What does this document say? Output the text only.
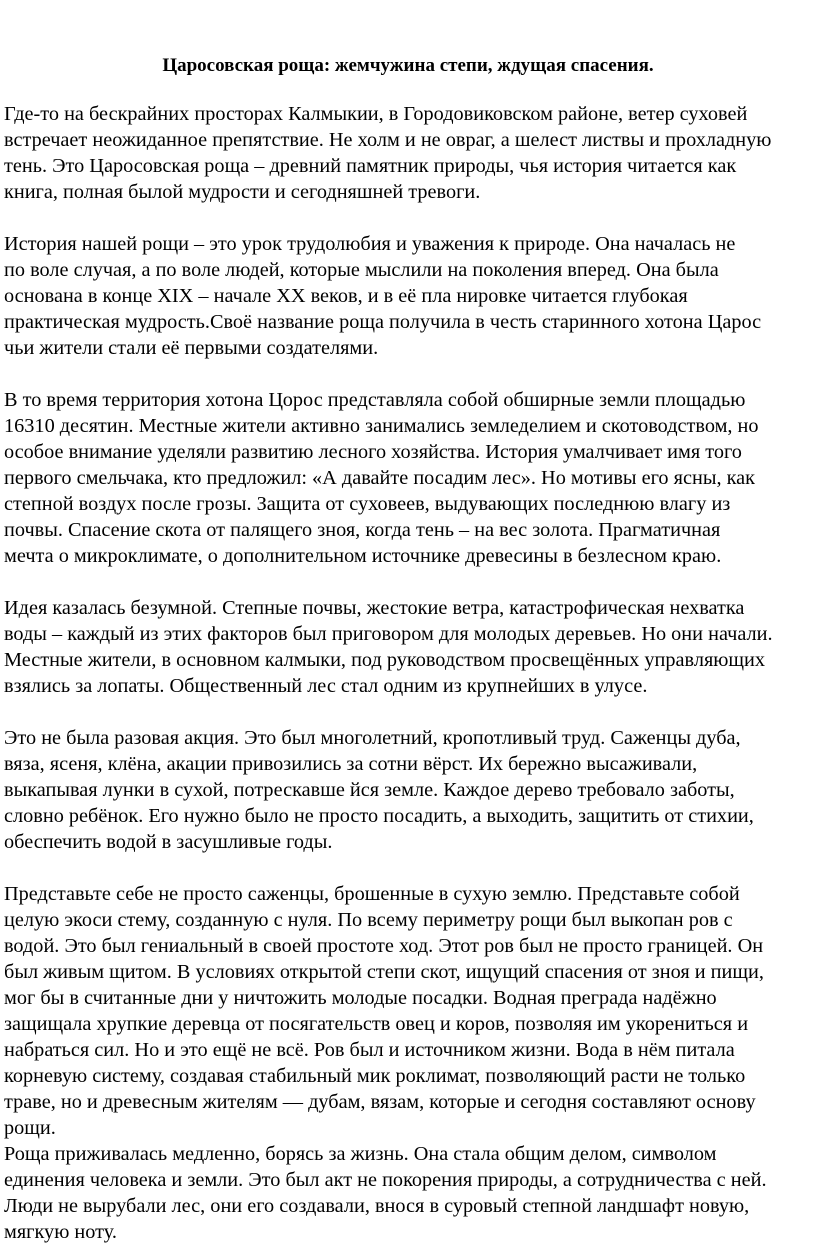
Царосовская роща: жемчужина степи, ждущая спасения.
Где-то на бескрайних просторах Калмыкии, в Городовиковском районе, ветер суховей
встречает неожиданное препятствие. Не холм и не овраг, а шелест листвы и прохладную
тень. Это Царосовская роща – древний памятник природы, чья история читается как
книга, полная былой мудрости и сегодняшней тревоги.
История нашей рощи – это урок трудолюбия и уважения к природе. Она началась не
по воле случая, а по воле людей, которые мыслили на поколения вперед. Она была
основана в конце XIX – начале XX веков, и в её пла нировке читается глубокая
практическая мудрость.Своё название роща получила в честь старинного хотона Царос
чьи жители стали её первыми создателями.
В то время территория хотона Цорос представляла собой обширные земли площадью
16310 десятин. Местные жители активно занимались земледелием и скотоводством, но
особое внимание уделяли развитию лесного хозяйства. История умалчивает имя того
первого смельчака, кто предложил: «А давайте посадим лес». Но мотивы его ясны, как
степной воздух после грозы. Защита от суховеев, выдувающих последнюю влагу из
почвы. Спасение скота от палящего зноя, когда тень – на вес золота. Прагматичная
мечта о микроклимате, о дополнительном источнике древесины в безлесном краю.
Идея казалась безумной. Степные почвы, жестокие ветра, катастрофическая нехватка
воды – каждый из этих факторов был приговором для молодых деревьев. Но они начали.
Местные жители, в основном калмыки, под руководством просвещённых управляющих
взялись за лопаты. Общественный лес стал одним из крупнейших в улусе.
Это не была разовая акция. Это был многолетний, кропотливый труд. Саженцы дуба,
вяза, ясеня, клёна, акации привозились за сотни вёрст. Их бережно высаживали,
выкапывая лунки в сухой, потрескавше йся земле. Каждое дерево требовало заботы,
словно ребёнок. Его нужно было не просто посадить, а выходить, защитить от стихии,
обеспечить водой в засушливые годы.
Представьте себе не просто саженцы, брошенные в сухую землю. Представьте собой
целую экоси стему, созданную с нуля. По всему периметру рощи был выкопан ров с
водой. Это был гениальный в своей простоте ход. Этот ров был не просто границей. Он
был живым щитом. В условиях открытой степи скот, ищущий спасения от зноя и пищи,
мог бы в считанные дни у ничтожить молодые посадки. Водная преграда надёжно
защищала хрупкие деревца от посягательств овец и коров, позволяя им укорениться и
набраться сил. Но и это ещё не всё. Ров был и источником жизни. Вода в нём питала
корневую систему, создавая стабильный мик роклимат, позволяющий расти не только
траве, но и древесным жителям — дубам, вязам, которые и сегодня составляют основу
рощи.
Роща приживалась медленно, борясь за жизнь. Она стала общим делом, символом
единения человека и земли. Это был акт не покорения природы, а сотрудничества с ней.
Люди не вырубали лес, они его создавали, внося в суровый степной ландшафт новую,
мягкую ноту.
